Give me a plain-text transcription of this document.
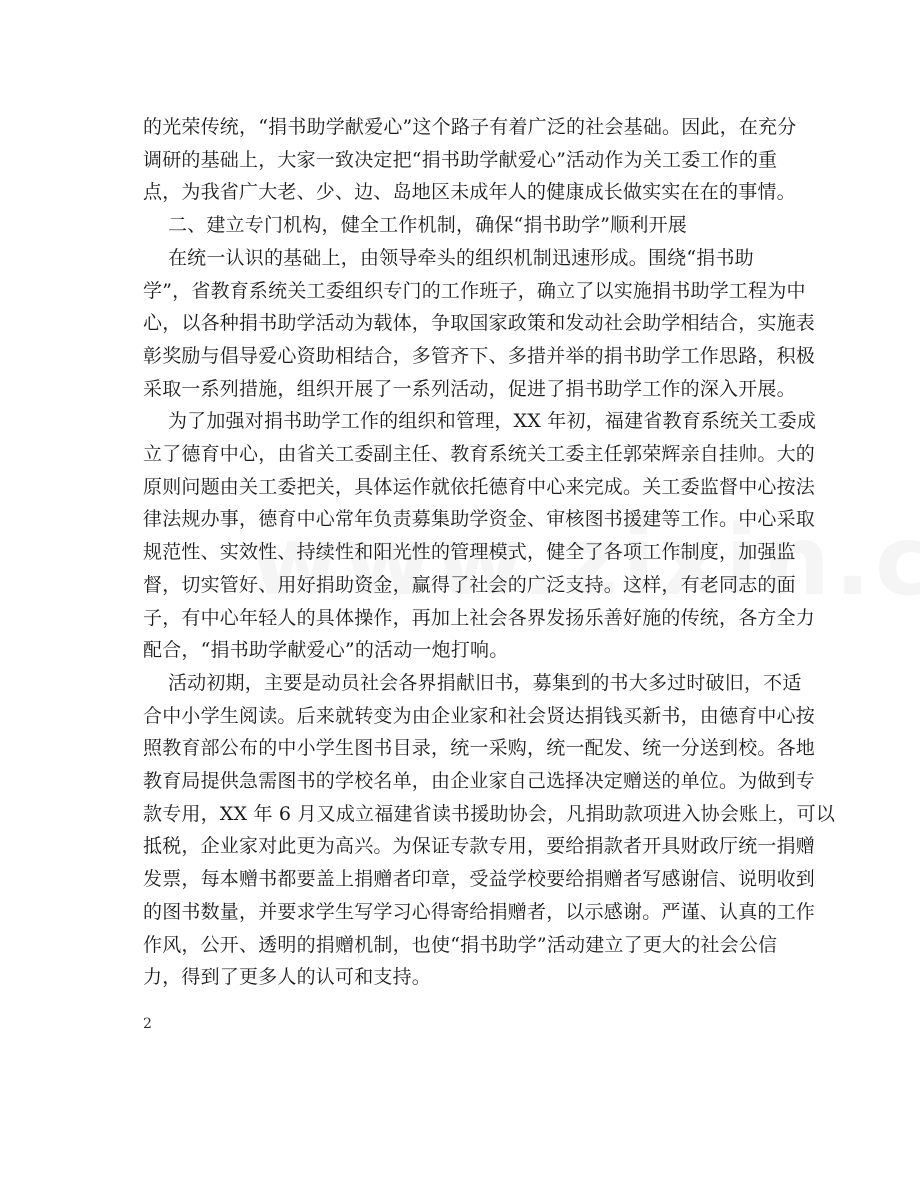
的光荣传统，“捐书助学献爱心”这个路子有着广泛的社会基础。因此，在充分
调研的基础上，大家一致决定把“捐书助学献爱心”活动作为关工委工作的重
点，为我省广大老、少、边、岛地区未成年人的健康成长做实实在在的事情。
二、建立专门机构，健全工作机制，确保“捐书助学”顺利开展
在统一认识的基础上，由领导牵头的组织机制迅速形成。围绕“捐书助
学”，省教育系统关工委组织专门的工作班子，确立了以实施捐书助学工程为中
心，以各种捐书助学活动为载体，争取国家政策和发动社会助学相结合，实施表
彰奖励与倡导爱心资助相结合，多管齐下、多措并举的捐书助学工作思路，积极
采取一系列措施，组织开展了一系列活动，促进了捐书助学工作的深入开展。
为了加强对捐书助学工作的组织和管理，XX 年初，福建省教育系统关工委成
立了德育中心，由省关工委副主任、教育系统关工委主任郭荣辉亲自挂帅。大的
原则问题由关工委把关，具体运作就依托德育中心来完成。关工委监督中心按法
律法规办事，德育中心常年负责募集助学资金、审核图书援建等工作。中心采取
规范性、实效性、持续性和阳光性的管理模式，健全了各项工作制度，加强监
督，切实管好、用好捐助资金，赢得了社会的广泛支持。这样，有老同志的面
子，有中心年轻人的具体操作，再加上社会各界发扬乐善好施的传统，各方全力
配合，“捐书助学献爱心”的活动一炮打响。
活动初期，主要是动员社会各界捐献旧书，募集到的书大多过时破旧，不适
合中小学生阅读。后来就转变为由企业家和社会贤达捐钱买新书，由德育中心按
照教育部公布的中小学生图书目录，统一采购，统一配发、统一分送到校。各地
教育局提供急需图书的学校名单，由企业家自己选择决定赠送的单位。为做到专
款专用，XX 年 6 月又成立福建省读书援助协会，凡捐助款项进入协会账上，可以
抵税，企业家对此更为高兴。为保证专款专用，要给捐款者开具财政厅统一捐赠
发票，每本赠书都要盖上捐赠者印章，受益学校要给捐赠者写感谢信、说明收到
的图书数量，并要求学生写学习心得寄给捐赠者，以示感谢。严谨、认真的工作
作风，公开、透明的捐赠机制，也使“捐书助学”活动建立了更大的社会公信
力，得到了更多人的认可和支持。
2
